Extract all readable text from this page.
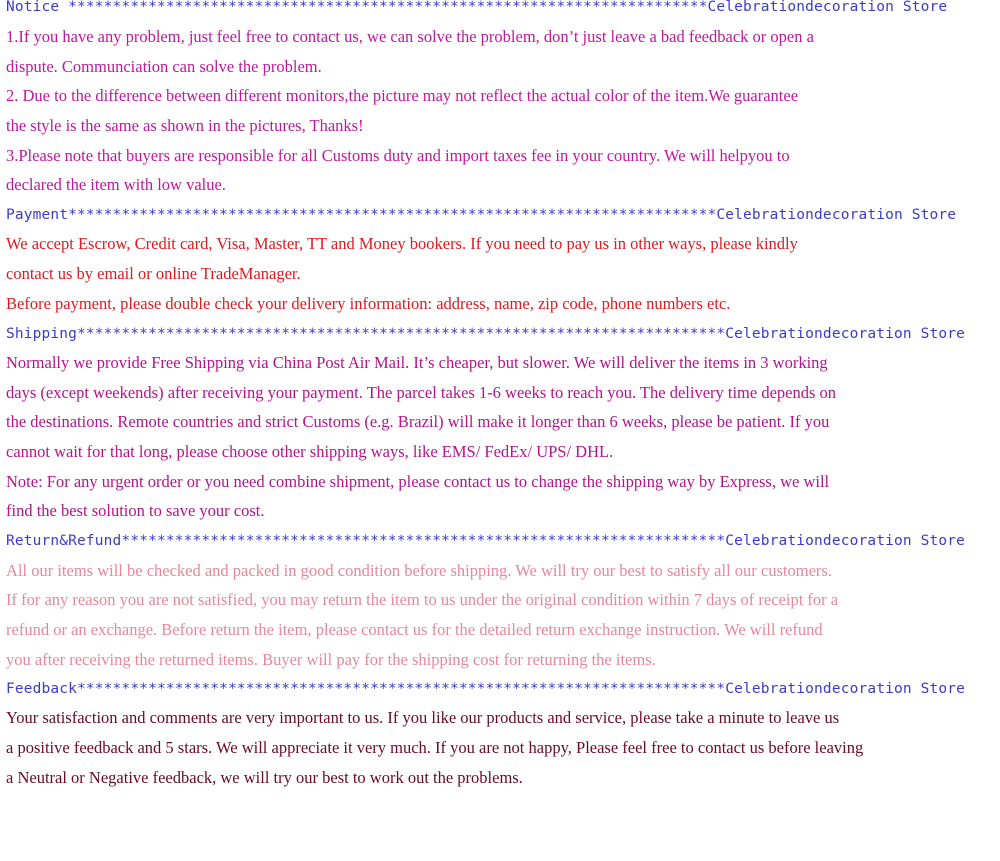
Notice ************************************************************************Celebrationdecoration Store
1.If you have any problem, just feel free to contact us, we can solve the problem, don’t just leave a bad feedback or open a
dispute. Communciation can solve the problem.
2. Due to the difference between different monitors,the picture may not reflect the actual color of the item.We guarantee
the style is the same as shown in the pictures, Thanks!
3.Please note that buyers are responsible for all Customs duty and import taxes fee in your country. We will helpyou to
declared the item with low value.
Payment*************************************************************************Celebrationdecoration Store
We accept Escrow, Credit card, Visa, Master, TT and Money bookers. If you need to pay us in other ways, please kindly
contact us by email or online TradeManager.
Before payment, please double check your delivery information: address, name, zip code, phone numbers etc.
Shipping*************************************************************************Celebrationdecoration Store
Normally we provide Free Shipping via China Post Air Mail. It’s cheaper, but slower. We will deliver the items in 3 working
days (except weekends) after receiving your payment. The parcel takes 1-6 weeks to reach you. The delivery time depends on
the destinations. Remote countries and strict Customs (e.g. Brazil) will make it longer than 6 weeks, please be patient. If you
cannot wait for that long, please choose other shipping ways, like EMS/ FedEx/ UPS/ DHL.
Note: For any urgent order or you need combine shipment, please contact us to change the shipping way by Express, we will
find the best solution to save your cost.
Return&Refund********************************************************************Celebrationdecoration Store
All our items will be checked and packed in good condition before shipping. We will try our best to satisfy all our customers.
If for any reason you are not satisfied, you may return the item to us under the original condition within 7 days of receipt for a
refund or an exchange. Before return the item, please contact us for the detailed return exchange instruction. We will refund
you after receiving the returned items. Buyer will pay for the shipping cost for returning the items.
Feedback*************************************************************************Celebrationdecoration Store
Your satisfaction and comments are very important to us. If you like our products and service, please take a minute to leave us
a positive feedback and 5 stars. We will appreciate it very much. If you are not happy, Please feel free to contact us before leaving
a Neutral or Negative feedback, we will try our best to work out the problems.
